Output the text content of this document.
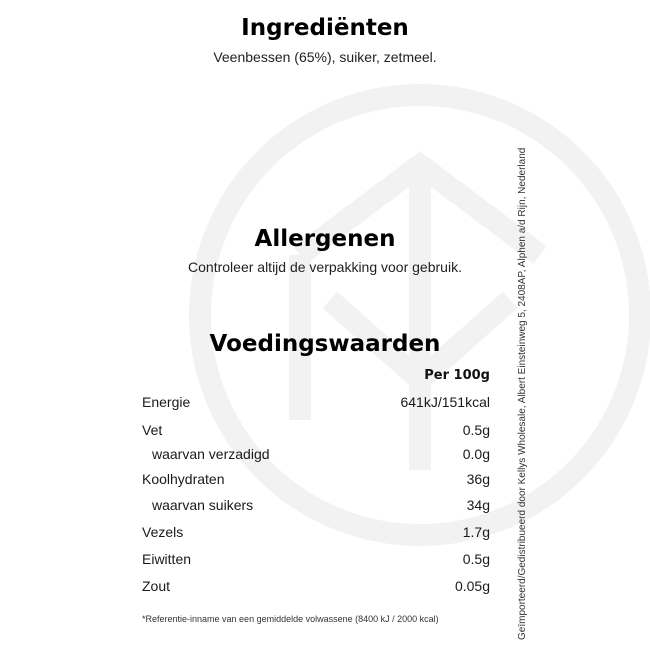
Ingrediënten
Veenbessen (65%), suiker, zetmeel.
Allergenen
Controleer altijd de verpakking voor gebruik.
Voedingswaarden
Per 100g
Energie	641kJ/151kcal
Vet	0.5g
waarvan verzadigd	0.0g
Koolhydraten	36g
waarvan suikers	34g
Vezels	1.7g
Eiwitten	0.5g
Zout	0.05g
*Referentie-inname van een gemiddelde volwassene (8400 kJ / 2000 kcal)	Geïmporteerd/Gedistribueerd door Kellys Wholesale, Albert Einsteinweg 5, 2408AP, Alphen a/d Rijn, Nederland
